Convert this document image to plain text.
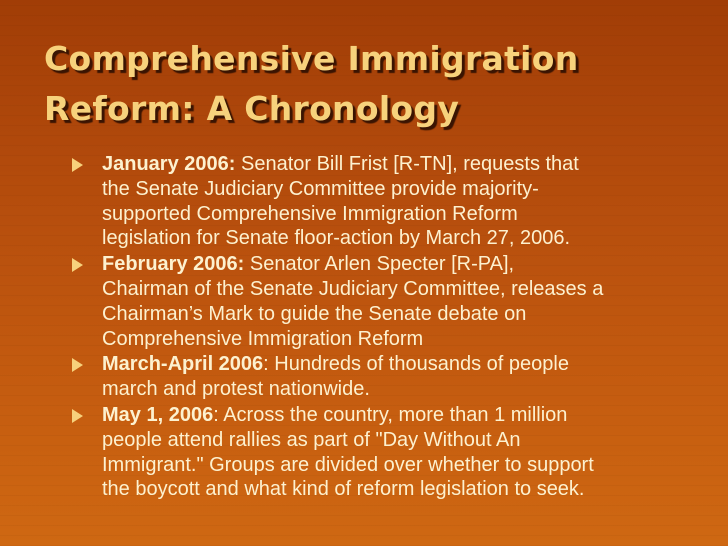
Comprehensive Immigration
Reform: A Chronology
January 2006: Senator Bill Frist [R-TN], requests that
the Senate Judiciary Committee provide majority-
supported Comprehensive Immigration Reform
legislation for Senate floor-action by March 27, 2006.
February 2006: Senator Arlen Specter [R-PA],
Chairman of the Senate Judiciary Committee, releases a
Chairman’s Mark to guide the Senate debate on
Comprehensive Immigration Reform
March-April 2006: Hundreds of thousands of people
march and protest nationwide.
May 1, 2006: Across the country, more than 1 million
people attend rallies as part of "Day Without An
Immigrant." Groups are divided over whether to support
the boycott and what kind of reform legislation to seek.
